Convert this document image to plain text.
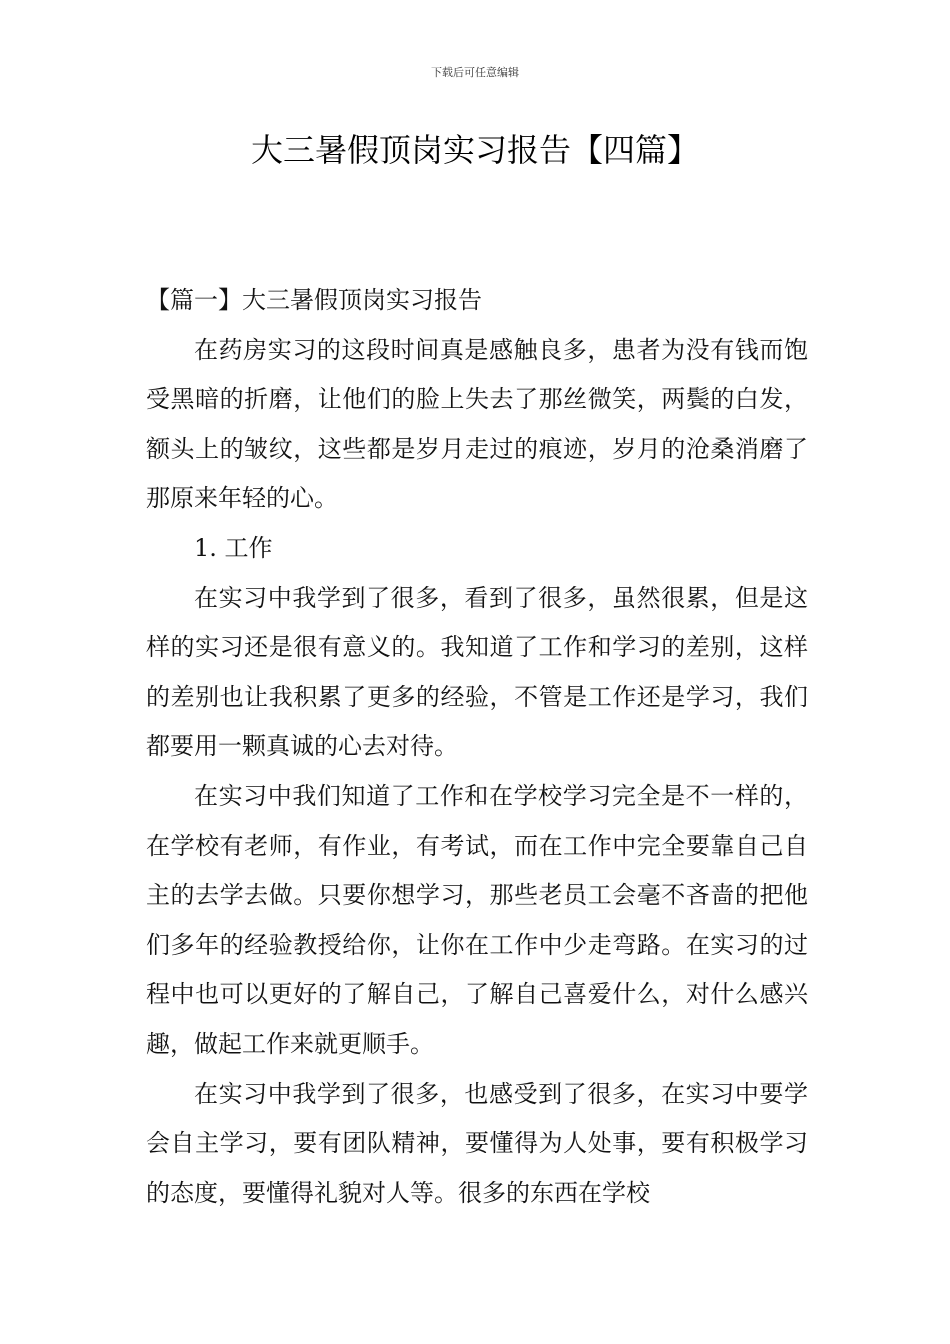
下载后可任意编辑
大三暑假顶岗实习报告【四篇】

【篇一】大三暑假顶岗实习报告

在药房实习的这段时间真是感触良多，患者为没有钱而饱受黑暗的折磨，让他们的脸上失去了那丝微笑，两鬓的白发，额头上的皱纹，这些都是岁月走过的痕迹，岁月的沧桑消磨了那原来年轻的心。

1. 工作

在实习中我学到了很多，看到了很多，虽然很累，但是这样的实习还是很有意义的。我知道了工作和学习的差别，这样的差别也让我积累了更多的经验，不管是工作还是学习，我们都要用一颗真诚的心去对待。

在实习中我们知道了工作和在学校学习完全是不一样的，在学校有老师，有作业，有考试，而在工作中完全要靠自己自主的去学去做。只要你想学习，那些老员工会毫不吝啬的把他们多年的经验教授给你，让你在工作中少走弯路。在实习的过程中也可以更好的了解自己，了解自己喜爱什么，对什么感兴趣，做起工作来就更顺手。

在实习中我学到了很多，也感受到了很多，在实习中要学会自主学习，要有团队精神，要懂得为人处事，要有积极学习的态度，要懂得礼貌对人等。很多的东西在学校
